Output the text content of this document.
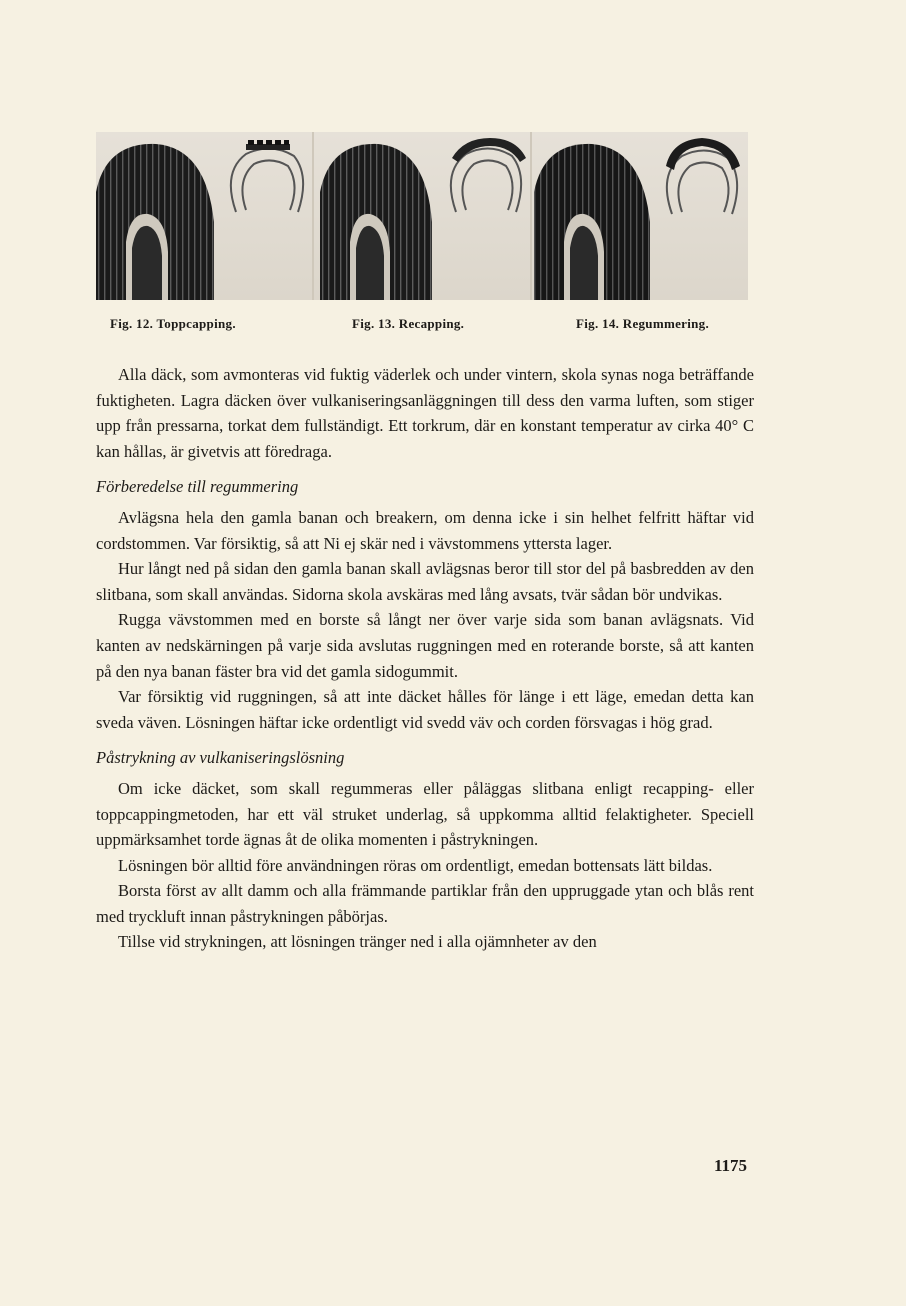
Fig. 12. Toppcapping.	Fig. 13. Recapping.	Fig. 14. Regummering.

Alla däck, som avmonteras vid fuktig väderlek och under vintern, skola synas noga beträffande fuktigheten. Lagra däcken över vulkaniseringsanläggningen till dess den varma luften, som stiger upp från pressarna, torkat dem fullständigt. Ett torkrum, där en konstant temperatur av cirka 40° C kan hållas, är givetvis att föredraga.

Förberedelse till regummering

Avlägsna hela den gamla banan och breakern, om denna icke i sin helhet felfritt häftar vid cordstommen. Var försiktig, så att Ni ej skär ned i vävstommens yttersta lager.

Hur långt ned på sidan den gamla banan skall avlägsnas beror till stor del på basbredden av den slitbana, som skall användas. Sidorna skola avskäras med lång avsats, tvär sådan bör undvikas.

Rugga vävstommen med en borste så långt ner över varje sida som banan avlägsnats. Vid kanten av nedskärningen på varje sida avslutas ruggningen med en roterande borste, så att kanten på den nya banan fäster bra vid det gamla sidogummit.

Var försiktig vid ruggningen, så att inte däcket hålles för länge i ett läge, emedan detta kan sveda väven. Lösningen häftar icke ordentligt vid svedd väv och corden försvagas i hög grad.

Påstrykning av vulkaniseringslösning

Om icke däcket, som skall regummeras eller påläggas slitbana enligt recapping- eller toppcappingmetoden, har ett väl struket underlag, så uppkomma alltid felaktigheter. Speciell uppmärksamhet torde ägnas åt de olika momenten i påstrykningen.

Lösningen bör alltid före användningen röras om ordentligt, emedan bottensats lätt bildas.

Borsta först av allt damm och alla främmande partiklar från den uppruggade ytan och blås rent med tryckluft innan påstrykningen påbörjas.

Tillse vid strykningen, att lösningen tränger ned i alla ojämnheter av den

1175
